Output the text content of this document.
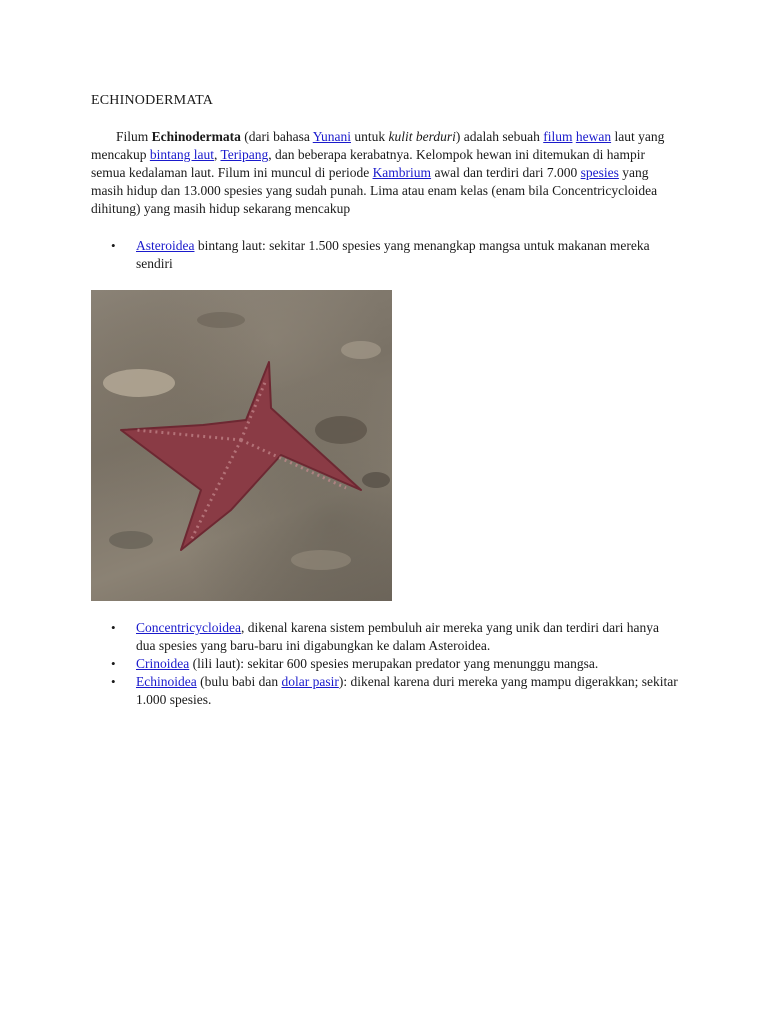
ECHINODERMATA

Filum Echinodermata (dari bahasa Yunani untuk kulit berduri) adalah sebuah filum hewan laut yang mencakup bintang laut, Teripang, dan beberapa kerabatnya. Kelompok hewan ini ditemukan di hampir semua kedalaman laut. Filum ini muncul di periode Kambrium awal dan terdiri dari 7.000 spesies yang masih hidup dan 13.000 spesies yang sudah punah. Lima atau enam kelas (enam bila Concentricycloidea dihitung) yang masih hidup sekarang mencakup

• Asteroidea bintang laut: sekitar 1.500 spesies yang menangkap mangsa untuk makanan mereka sendiri
• Concentricycloidea, dikenal karena sistem pembuluh air mereka yang unik dan terdiri dari hanya dua spesies yang baru-baru ini digabungkan ke dalam Asteroidea.
• Crinoidea (lili laut): sekitar 600 spesies merupakan predator yang menunggu mangsa.
• Echinoidea (bulu babi dan dolar pasir): dikenal karena duri mereka yang mampu digerakkan; sekitar 1.000 spesies.
